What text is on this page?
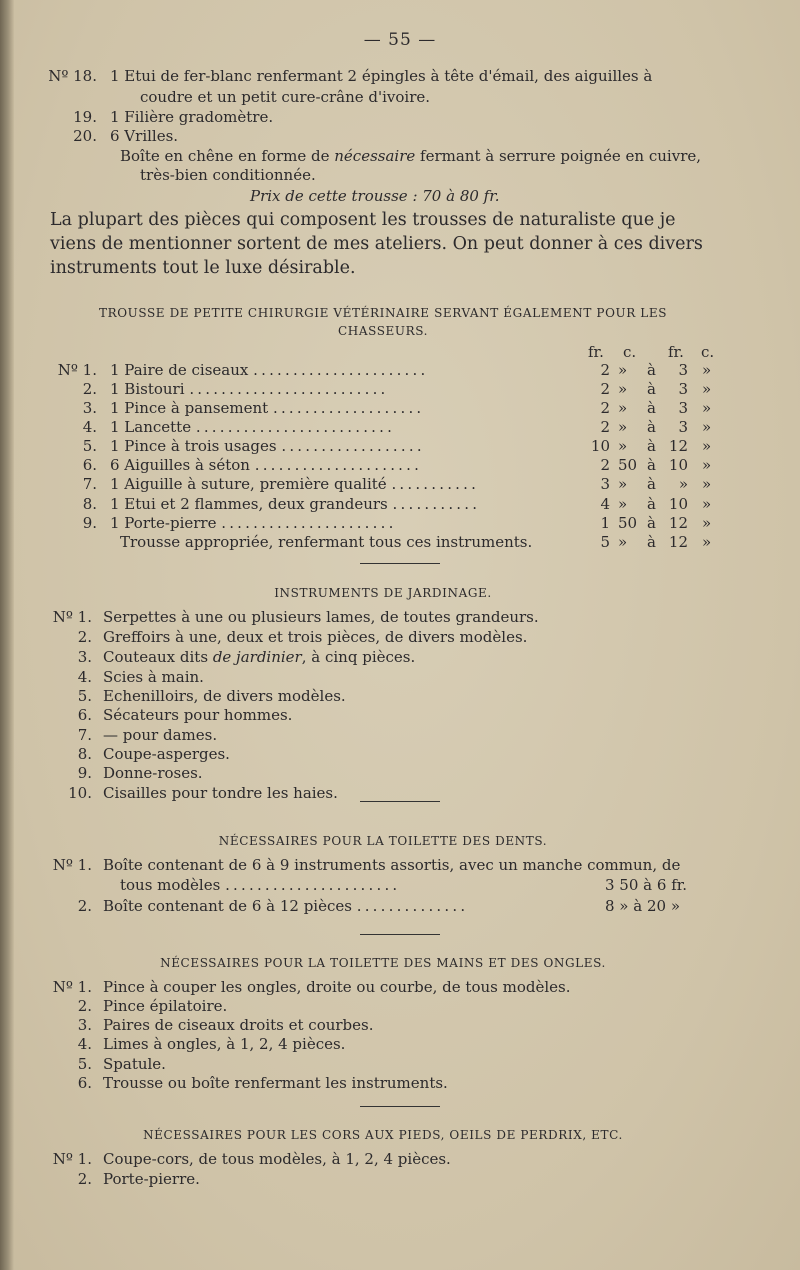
— 55 —
Nº 18. 1 Etui de fer-blanc renfermant 2 épingles à tête d'émail, des aiguilles à
coudre et un petit cure-crâne d'ivoire.
19. 1 Filière gradomètre.
20. 6 Vrilles.
Boîte en chêne en forme de nécessaire fermant à serrure poignée en cuivre,
très-bien conditionnée.
Prix de cette trousse : 70 à 80 fr.
La plupart des pièces qui composent les trousses de naturaliste que je
viens de mentionner sortent de mes ateliers. On peut donner à ces divers
instruments tout le luxe désirable.
TROUSSE DE PETITE CHIRURGIE VÉTÉRINAIRE SERVANT ÉGALEMENT POUR LES
CHASSEURS.
fr. c. fr. c.
Nº 1. 1 Paire de ciseaux ......................	2 » à 3 »
2. 1 Bistouri .........................	2 » à 3 »
3. 1 Pince à pansement ...................	2 » à 3 »
4. 1 Lancette .........................	2 » à 3 »
5. 1 Pince à trois usages ..................	10 » à 12 »
6. 6 Aiguilles à séton .....................	2 50 à 10 »
7. 1 Aiguille à suture, première qualité ...........	3 » à » »
8. 1 Etui et 2 flammes, deux grandeurs ...........	4 » à 10 »
9. 1 Porte-pierre ......................	1 50 à 12 »
Trousse appropriée, renfermant tous ces instruments.	5 » à 12 »
INSTRUMENTS DE JARDINAGE.
Nº 1. Serpettes à une ou plusieurs lames, de toutes grandeurs.
2. Greffoirs à une, deux et trois pièces, de divers modèles.
3. Couteaux dits de jardinier, à cinq pièces.
4. Scies à main.
5. Echenilloirs, de divers modèles.
6. Sécateurs pour hommes.
7. — pour dames.
8. Coupe-asperges.
9. Donne-roses.
10. Cisailles pour tondre les haies.
NÉCESSAIRES POUR LA TOILETTE DES DENTS.
Nº 1. Boîte contenant de 6 à 9 instruments assortis, avec un manche commun, de
tous modèles ......................	3 50 à 6 fr.
2. Boîte contenant de 6 à 12 pièces ..............	8 » à 20 »
NÉCESSAIRES POUR LA TOILETTE DES MAINS ET DES ONGLES.
Nº 1. Pince à couper les ongles, droite ou courbe, de tous modèles.
2. Pince épilatoire.
3. Paires de ciseaux droits et courbes.
4. Limes à ongles, à 1, 2, 4 pièces.
5. Spatule.
6. Trousse ou boîte renfermant les instruments.
NÉCESSAIRES POUR LES CORS AUX PIEDS, OEILS DE PERDRIX, ETC.
Nº 1. Coupe-cors, de tous modèles, à 1, 2, 4 pièces.
2. Porte-pierre.
